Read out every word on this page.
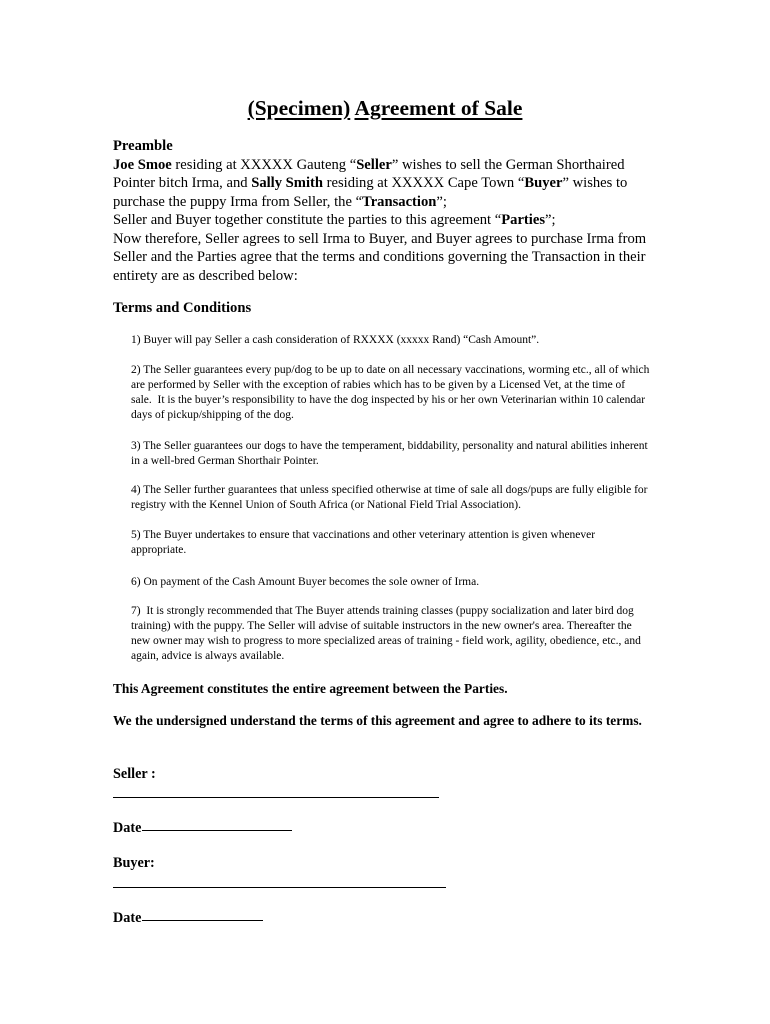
(Specimen) Agreement of Sale

Preamble

Joe Smoe residing at XXXXX Gauteng “Seller” wishes to sell the German Shorthaired Pointer bitch Irma, and Sally Smith residing at XXXXX Cape Town “Buyer” wishes to purchase the puppy Irma from Seller, the “Transaction”;

Seller and Buyer together constitute the parties to this agreement “Parties”;

Now therefore, Seller agrees to sell Irma to Buyer, and Buyer agrees to purchase Irma from Seller and the Parties agree that the terms and conditions governing the Transaction in their entirety are as described below:

Terms and Conditions

1) Buyer will pay Seller a cash consideration of RXXXX (xxxxx Rand) “Cash Amount”.

2) The Seller guarantees every pup/dog to be up to date on all necessary vaccinations, worming etc., all of which are performed by Seller with the exception of rabies which has to be given by a Licensed Vet, at the time of sale.  It is the buyer’s responsibility to have the dog inspected by his or her own Veterinarian within 10 calendar days of pickup/shipping of the dog.

3) The Seller guarantees our dogs to have the temperament, biddability, personality and natural abilities inherent in a well-bred German Shorthair Pointer.

4) The Seller further guarantees that unless specified otherwise at time of sale all dogs/pups are fully eligible for registry with the Kennel Union of South Africa (or National Field Trial Association).

5) The Buyer undertakes to ensure that vaccinations and other veterinary attention is given whenever appropriate.

6) On payment of the Cash Amount Buyer becomes the sole owner of Irma.

7)  It is strongly recommended that The Buyer attends training classes (puppy socialization and later bird dog training) with the puppy. The Seller will advise of suitable instructors in the new owner's area. Thereafter the new owner may wish to progress to more specialized areas of training - field work, agility, obedience, etc., and again, advice is always available.

This Agreement constitutes the entire agreement between the Parties.

We the undersigned understand the terms of this agreement and agree to adhere to its terms.

Seller :

Date

Buyer:

Date
